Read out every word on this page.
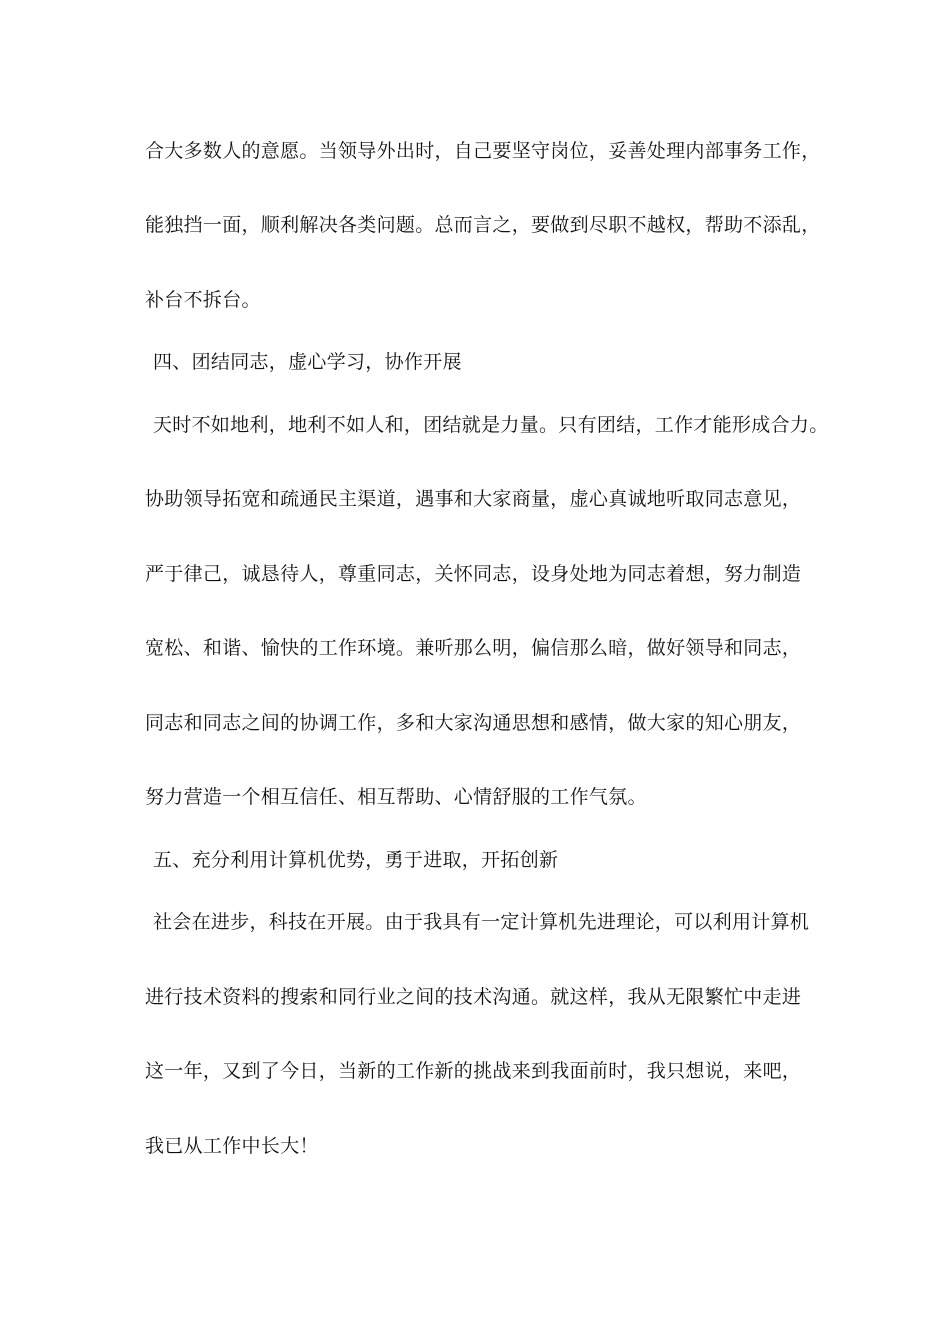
合大多数人的意愿。当领导外出时，自己要坚守岗位，妥善处理内部事务工作，
能独挡一面，顺利解决各类问题。总而言之，要做到尽职不越权，帮助不添乱，
补台不拆台。
四、团结同志，虚心学习，协作开展
天时不如地利，地利不如人和，团结就是力量。只有团结，工作才能形成合力。
协助领导拓宽和疏通民主渠道，遇事和大家商量，虚心真诚地听取同志意见，
严于律己，诚恳待人，尊重同志，关怀同志，设身处地为同志着想，努力制造
宽松、和谐、愉快的工作环境。兼听那么明，偏信那么暗，做好领导和同志，
同志和同志之间的协调工作，多和大家沟通思想和感情，做大家的知心朋友，
努力营造一个相互信任、相互帮助、心情舒服的工作气氛。
五、充分利用计算机优势，勇于进取，开拓创新
社会在进步，科技在开展。由于我具有一定计算机先进理论，可以利用计算机
进行技术资料的搜索和同行业之间的技术沟通。就这样，我从无限繁忙中走进
这一年，又到了今日，当新的工作新的挑战来到我面前时，我只想说，来吧，
我已从工作中长大！
